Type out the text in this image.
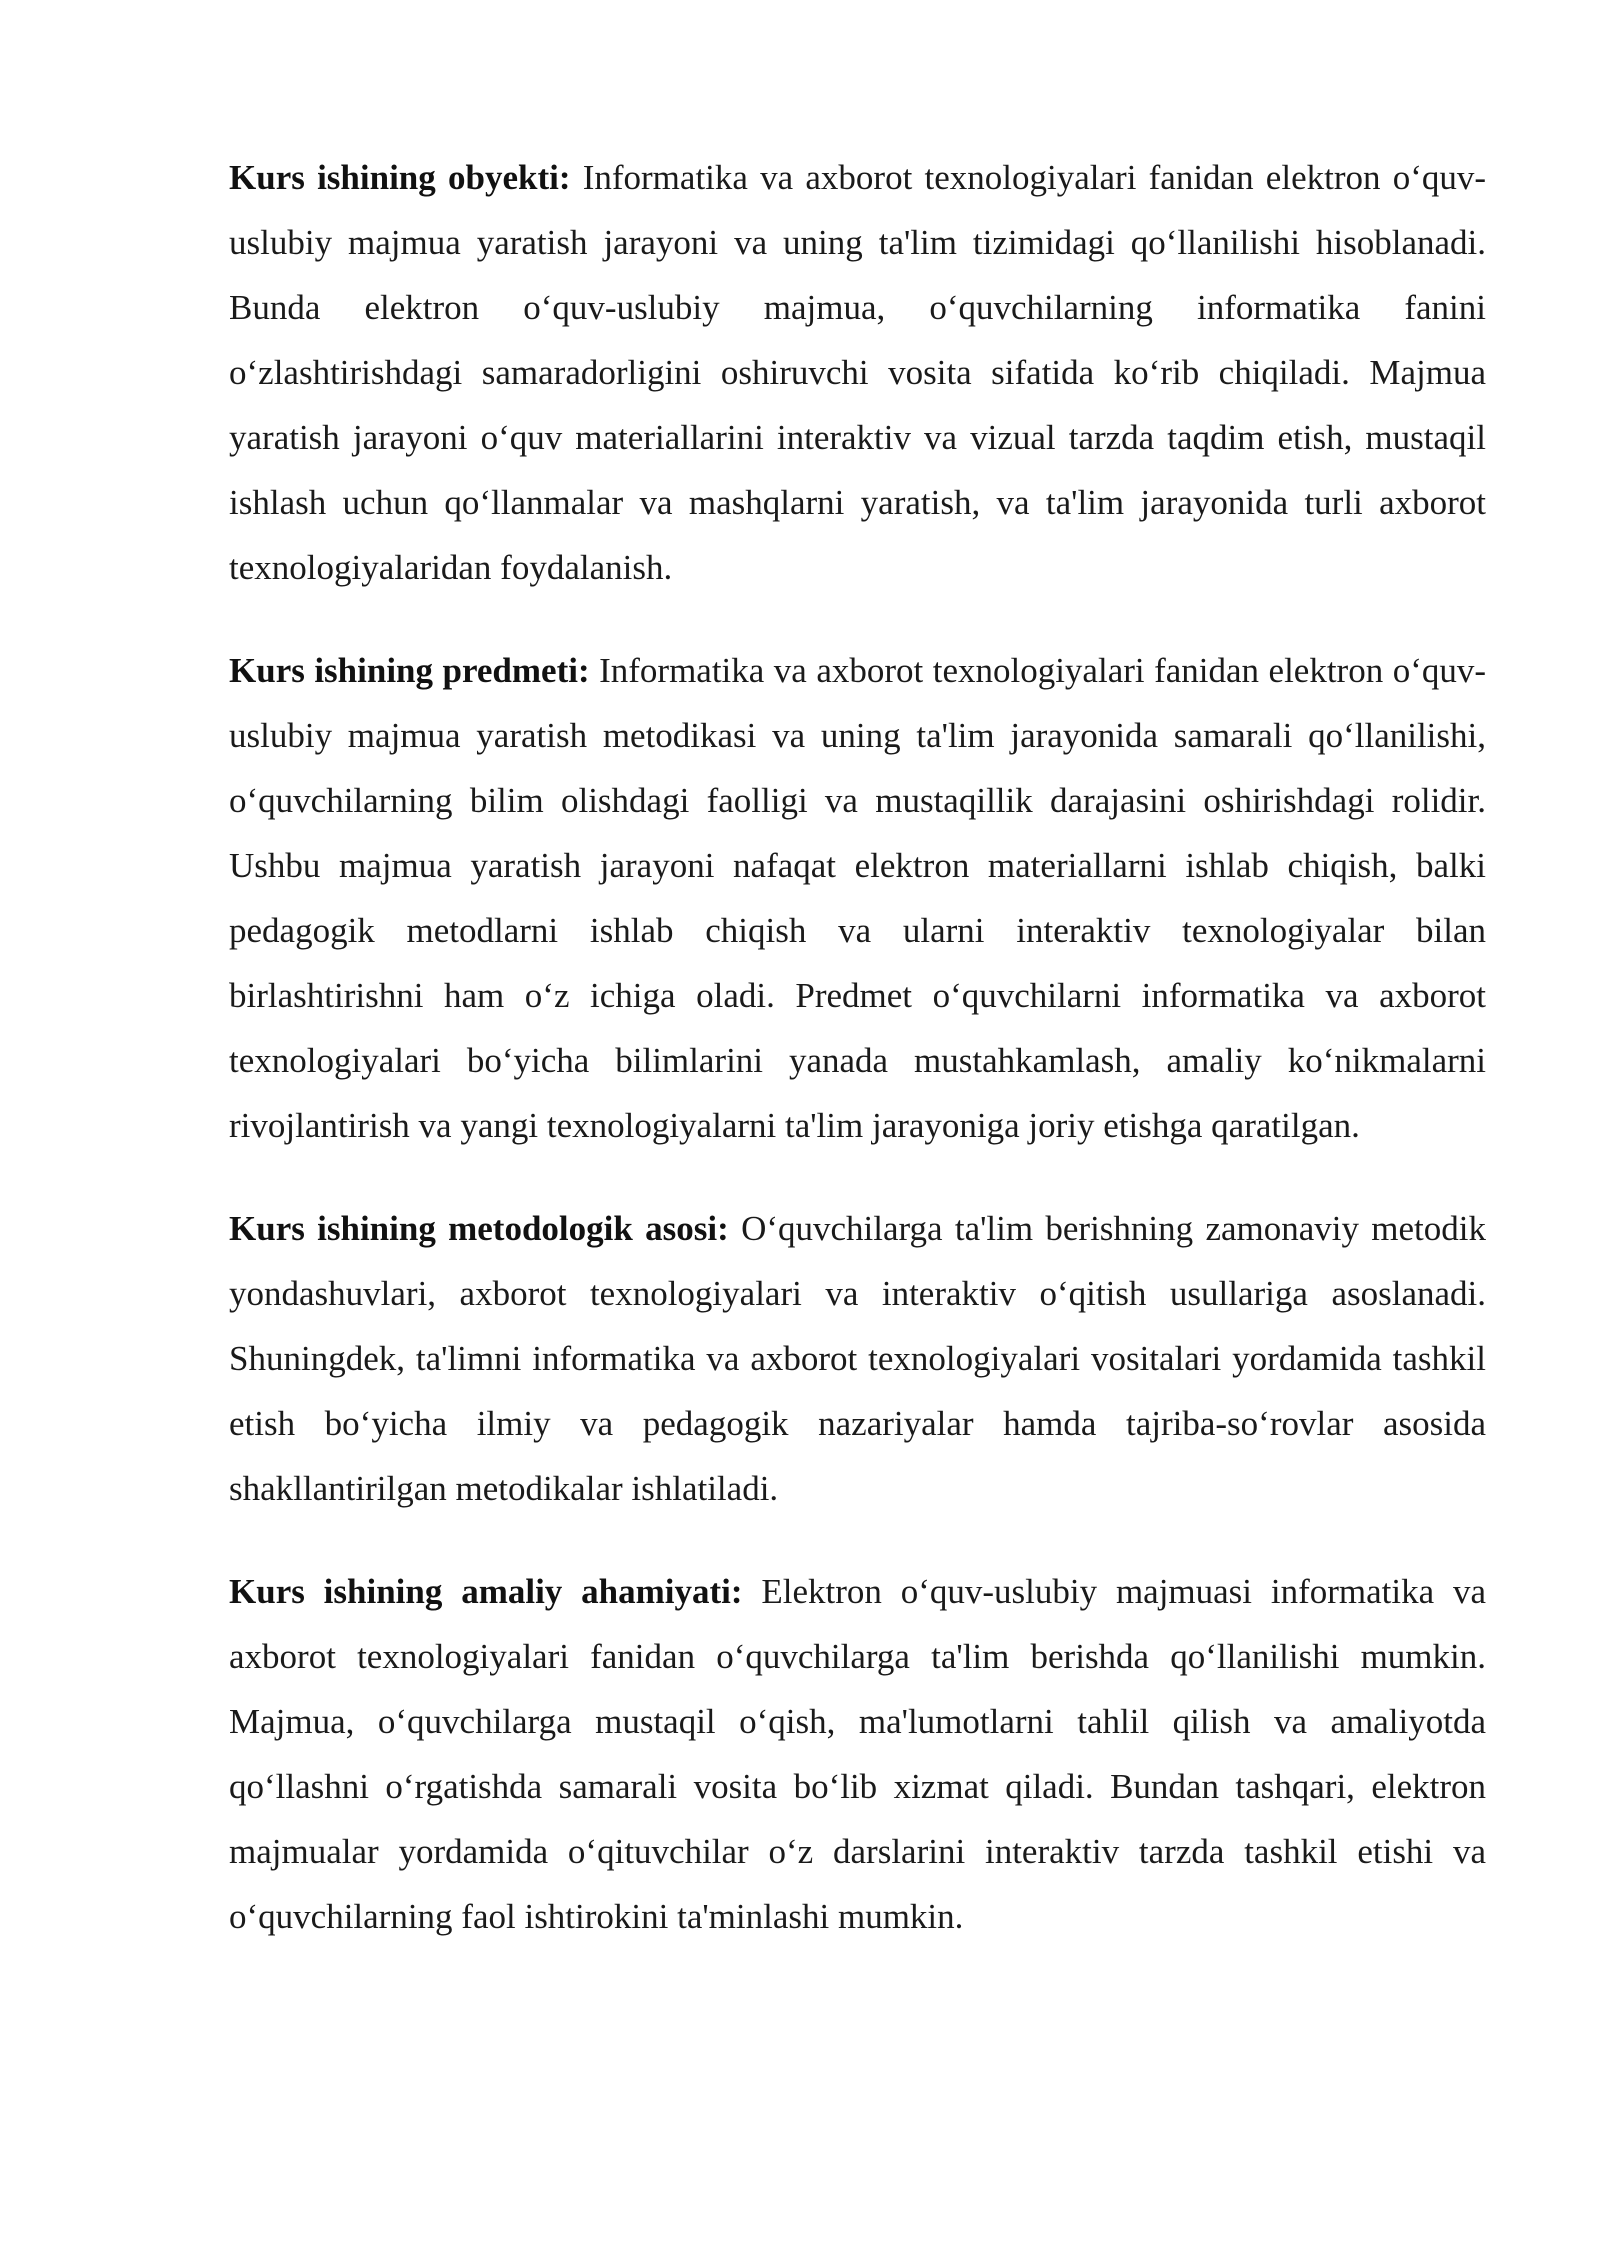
Kurs ishining obyekti: Informatika va axborot texnologiyalari fanidan elektron o‘quv-uslubiy majmua yaratish jarayoni va uning ta'lim tizimidagi qo‘llanilishi hisoblanadi. Bunda elektron o‘quv-uslubiy majmua, o‘quvchilarning informatika fanini o‘zlashtirishdagi samaradorligini oshiruvchi vosita sifatida ko‘rib chiqiladi. Majmua yaratish jarayoni o‘quv materiallarini interaktiv va vizual tarzda taqdim etish, mustaqil ishlash uchun qo‘llanmalar va mashqlarni yaratish, va ta'lim jarayonida turli axborot texnologiyalaridan foydalanish.

Kurs ishining predmeti: Informatika va axborot texnologiyalari fanidan elektron o‘quv-uslubiy majmua yaratish metodikasi va uning ta'lim jarayonida samarali qo‘llanilishi, o‘quvchilarning bilim olishdagi faolligi va mustaqillik darajasini oshirishdagi rolidir. Ushbu majmua yaratish jarayoni nafaqat elektron materiallarni ishlab chiqish, balki pedagogik metodlarni ishlab chiqish va ularni interaktiv texnologiyalar bilan birlashtirishni ham o‘z ichiga oladi. Predmet o‘quvchilarni informatika va axborot texnologiyalari bo‘yicha bilimlarini yanada mustahkamlash, amaliy ko‘nikmalarni rivojlantirish va yangi texnologiyalarni ta'lim jarayoniga joriy etishga qaratilgan.

Kurs ishining metodologik asosi: O‘quvchilarga ta'lim berishning zamonaviy metodik yondashuvlari, axborot texnologiyalari va interaktiv o‘qitish usullariga asoslanadi. Shuningdek, ta'limni informatika va axborot texnologiyalari vositalari yordamida tashkil etish bo‘yicha ilmiy va pedagogik nazariyalar hamda tajriba-so‘rovlar asosida shakllantirilgan metodikalar ishlatiladi.

Kurs ishining amaliy ahamiyati: Elektron o‘quv-uslubiy majmuasi informatika va axborot texnologiyalari fanidan o‘quvchilarga ta'lim berishda qo‘llanilishi mumkin. Majmua, o‘quvchilarga mustaqil o‘qish, ma'lumotlarni tahlil qilish va amaliyotda qo‘llashni o‘rgatishda samarali vosita bo‘lib xizmat qiladi. Bundan tashqari, elektron majmualar yordamida o‘qituvchilar o‘z darslarini interaktiv tarzda tashkil etishi va o‘quvchilarning faol ishtirokini ta'minlashi mumkin.
